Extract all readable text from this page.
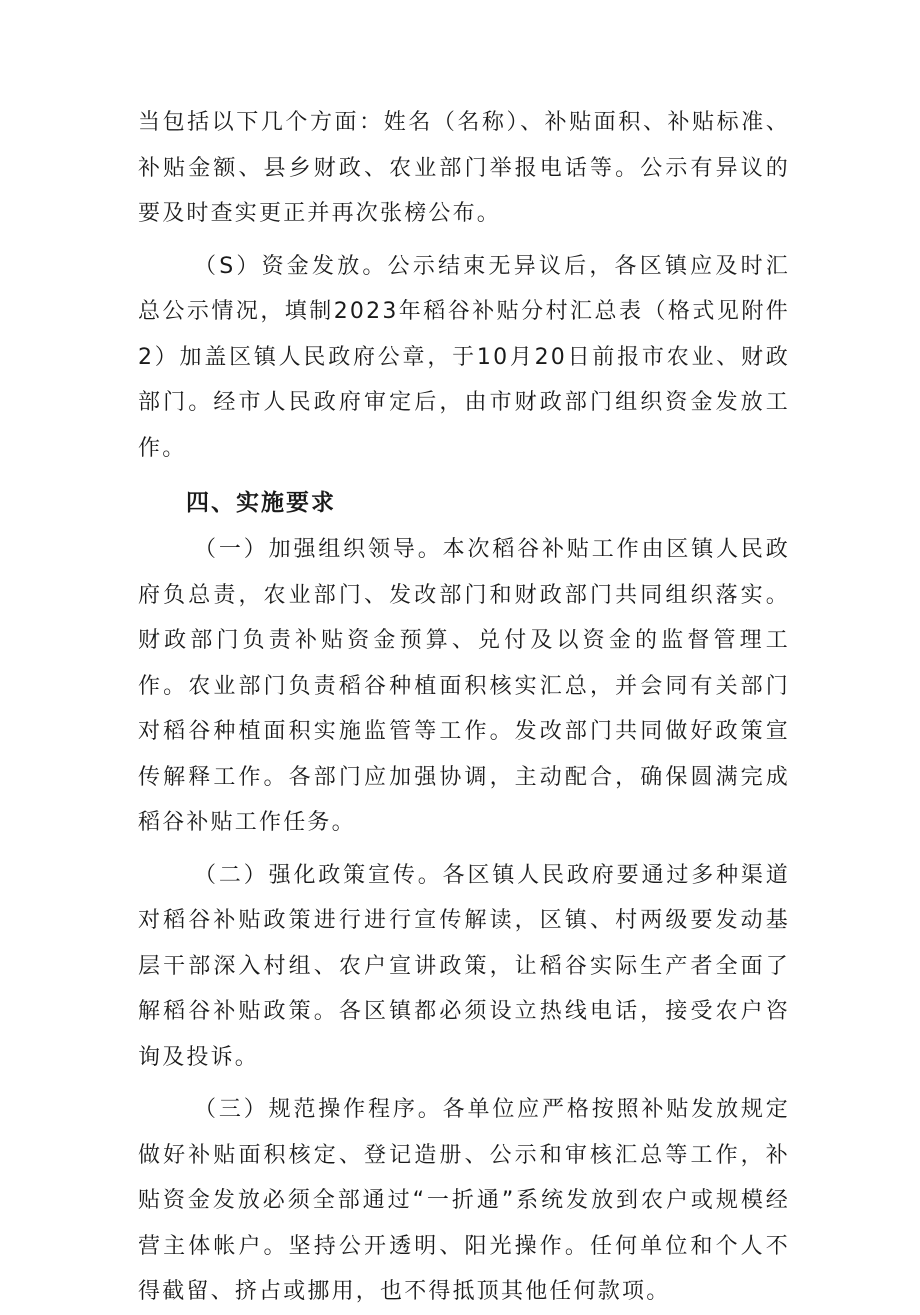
当包括以下几个方面：姓名（名称）、补贴面积、补贴标准、补贴金额、县乡财政、农业部门举报电话等。公示有异议的要及时查实更正并再次张榜公布。

（S）资金发放。公示结束无异议后，各区镇应及时汇总公示情况，填制2023年稻谷补贴分村汇总表（格式见附件2）加盖区镇人民政府公章，于10月20日前报市农业、财政部门。经市人民政府审定后，由市财政部门组织资金发放工作。

四、实施要求

（一）加强组织领导。本次稻谷补贴工作由区镇人民政府负总责，农业部门、发改部门和财政部门共同组织落实。财政部门负责补贴资金预算、兑付及以资金的监督管理工作。农业部门负责稻谷种植面积核实汇总，并会同有关部门对稻谷种植面积实施监管等工作。发改部门共同做好政策宣传解释工作。各部门应加强协调，主动配合，确保圆满完成稻谷补贴工作任务。

（二）强化政策宣传。各区镇人民政府要通过多种渠道对稻谷补贴政策进行进行宣传解读，区镇、村两级要发动基层干部深入村组、农户宣讲政策，让稻谷实际生产者全面了解稻谷补贴政策。各区镇都必须设立热线电话，接受农户咨询及投诉。

（三）规范操作程序。各单位应严格按照补贴发放规定做好补贴面积核定、登记造册、公示和审核汇总等工作，补贴资金发放必须全部通过“一折通”系统发放到农户或规模经营主体帐户。坚持公开透明、阳光操作。任何单位和个人不得截留、挤占或挪用，也不得抵顶其他任何款项。
